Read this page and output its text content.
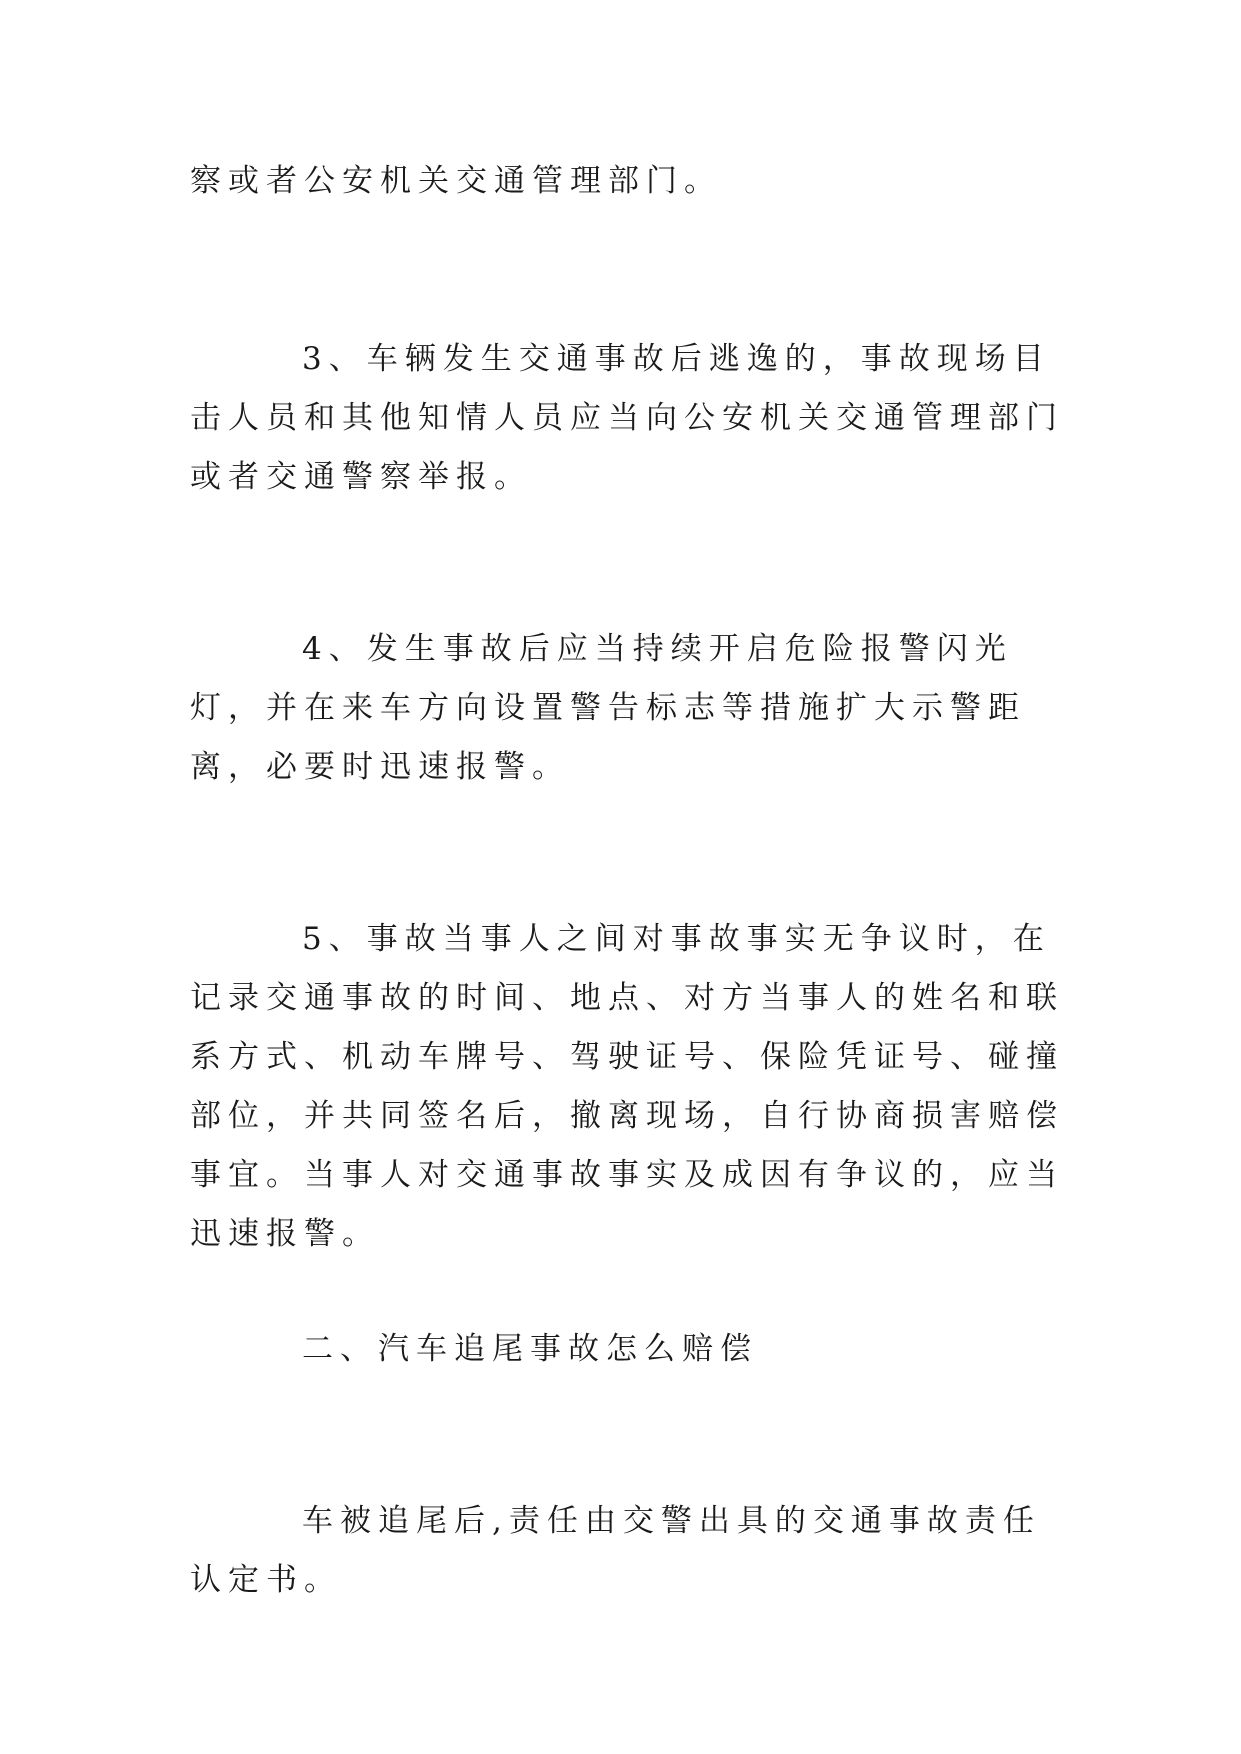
察或者公安机关交通管理部门。

3、车辆发生交通事故后逃逸的，事故现场目击人员和其他知情人员应当向公安机关交通管理部门或者交通警察举报。

4、发生事故后应当持续开启危险报警闪光灯，并在来车方向设置警告标志等措施扩大示警距离，必要时迅速报警。

5、事故当事人之间对事故事实无争议时，在记录交通事故的时间、地点、对方当事人的姓名和联系方式、机动车牌号、驾驶证号、保险凭证号、碰撞部位，并共同签名后，撤离现场，自行协商损害赔偿事宜。当事人对交通事故事实及成因有争议的，应当迅速报警。

二、汽车追尾事故怎么赔偿

车被追尾后,责任由交警出具的交通事故责任认定书。
